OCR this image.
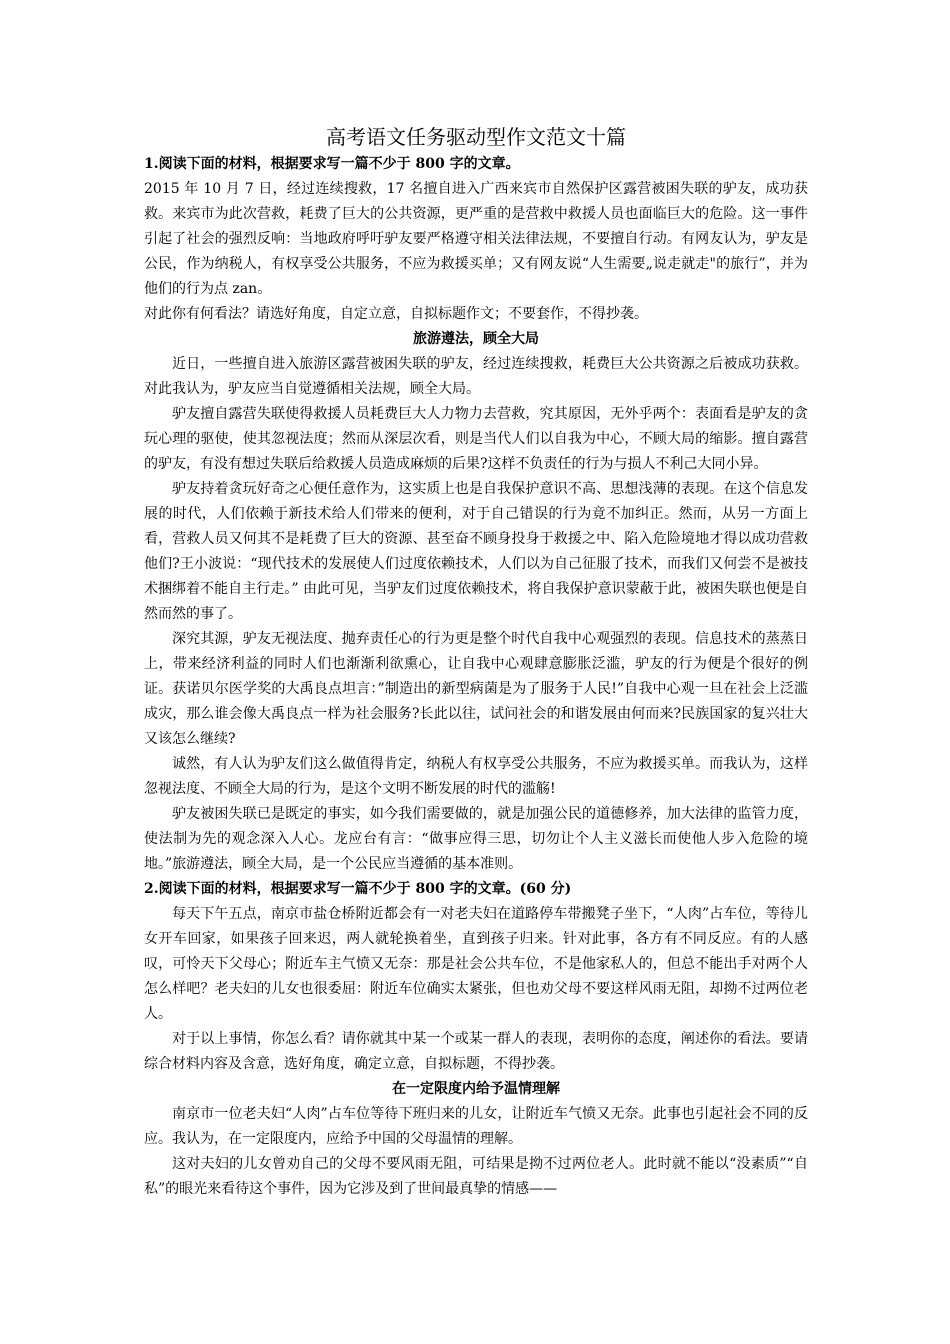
高考语文任务驱动型作文范文十篇

1.阅读下面的材料，根据要求写一篇不少于 800 字的文章。

2015 年 10 月 7 日，经过连续搜救，17 名擅自进入广西来宾市自然保护区露营被困失联的驴友，成功获救。来宾市为此次营救，耗费了巨大的公共资源，更严重的是营救中救援人员也面临巨大的危险。这一事件引起了社会的强烈反响：当地政府呼吁驴友要严格遵守相关法律法规，不要擅自行动。有网友认为，驴友是公民，作为纳税人，有权享受公共服务，不应为救援买单；又有网友说“人生需要„说走就走"的旅行”，并为他们的行为点 zan。

对此你有何看法？请选好角度，自定立意，自拟标题作文；不要套作，不得抄袭。

旅游遵法，顾全大局

近日，一些擅自进入旅游区露营被困失联的驴友，经过连续搜救，耗费巨大公共资源之后被成功获救。对此我认为，驴友应当自觉遵循相关法规，顾全大局。

驴友擅自露营失联使得救援人员耗费巨大人力物力去营救，究其原因，无外乎两个：表面看是驴友的贪玩心理的驱使，使其忽视法度；然而从深层次看，则是当代人们以自我为中心，不顾大局的缩影。擅自露营的驴友，有没有想过失联后给救援人员造成麻烦的后果?这样不负责任的行为与损人不利己大同小异。

驴友持着贪玩好奇之心便任意作为，这实质上也是自我保护意识不高、思想浅薄的表现。在这个信息发展的时代，人们依赖于新技术给人们带来的便利，对于自己错误的行为竟不加纠正。然而，从另一方面上看，营救人员又何其不是耗费了巨大的资源、甚至奋不顾身投身于救援之中、陷入危险境地才得以成功营救他们?王小波说：“现代技术的发展使人们过度依赖技术，人们以为自己征服了技术，而我们又何尝不是被技术捆绑着不能自主行走。” 由此可见，当驴友们过度依赖技术，将自我保护意识蒙蔽于此，被困失联也便是自然而然的事了。

深究其源，驴友无视法度、抛弃责任心的行为更是整个时代自我中心观强烈的表现。信息技术的蒸蒸日上，带来经济利益的同时人们也渐渐利欲熏心，让自我中心观肆意膨胀泛滥，驴友的行为便是个很好的例证。获诺贝尔医学奖的大禹良点坦言：”制造出的新型病菌是为了服务于人民!”自我中心观一旦在社会上泛滥成灾，那么谁会像大禹良点一样为社会服务?长此以往，试问社会的和谐发展由何而来?民族国家的复兴壮大又该怎么继续?

诚然，有人认为驴友们这么做值得肯定，纳税人有权享受公共服务，不应为救援买单。而我认为，这样忽视法度、不顾全大局的行为，是这个文明不断发展的时代的滥觞!

驴友被困失联已是既定的事实，如今我们需要做的，就是加强公民的道德修养，加大法律的监管力度，使法制为先的观念深入人心。龙应台有言：“做事应得三思，切勿让个人主义滋长而使他人步入危险的境地。”旅游遵法，顾全大局，是一个公民应当遵循的基本准则。

2.阅读下面的材料，根据要求写一篇不少于 800 字的文章。(60 分)

每天下午五点，南京市盐仓桥附近都会有一对老夫妇在道路停车带搬凳子坐下，“人肉”占车位，等待儿女开车回家，如果孩子回来迟，两人就轮换着坐，直到孩子归来。针对此事，各方有不同反应。有的人感叹，可怜天下父母心；附近车主气愤又无奈：那是社会公共车位，不是他家私人的，但总不能出手对两个人怎么样吧？老夫妇的儿女也很委屈：附近车位确实太紧张，但也劝父母不要这样风雨无阻，却拗不过两位老人。

对于以上事情，你怎么看？请你就其中某一个或某一群人的表现，表明你的态度，阐述你的看法。要请综合材料内容及含意，选好角度，确定立意，自拟标题，不得抄袭。

在一定限度内给予温情理解

南京市一位老夫妇“人肉”占车位等待下班归来的儿女，让附近车气愤又无奈。此事也引起社会不同的反应。我认为，在一定限度内，应给予中国的父母温情的理解。

这对夫妇的儿女曾劝自己的父母不要风雨无阻，可结果是拗不过两位老人。此时就不能以“没素质”“自私”的眼光来看待这个事件，因为它涉及到了世间最真挚的情感——
